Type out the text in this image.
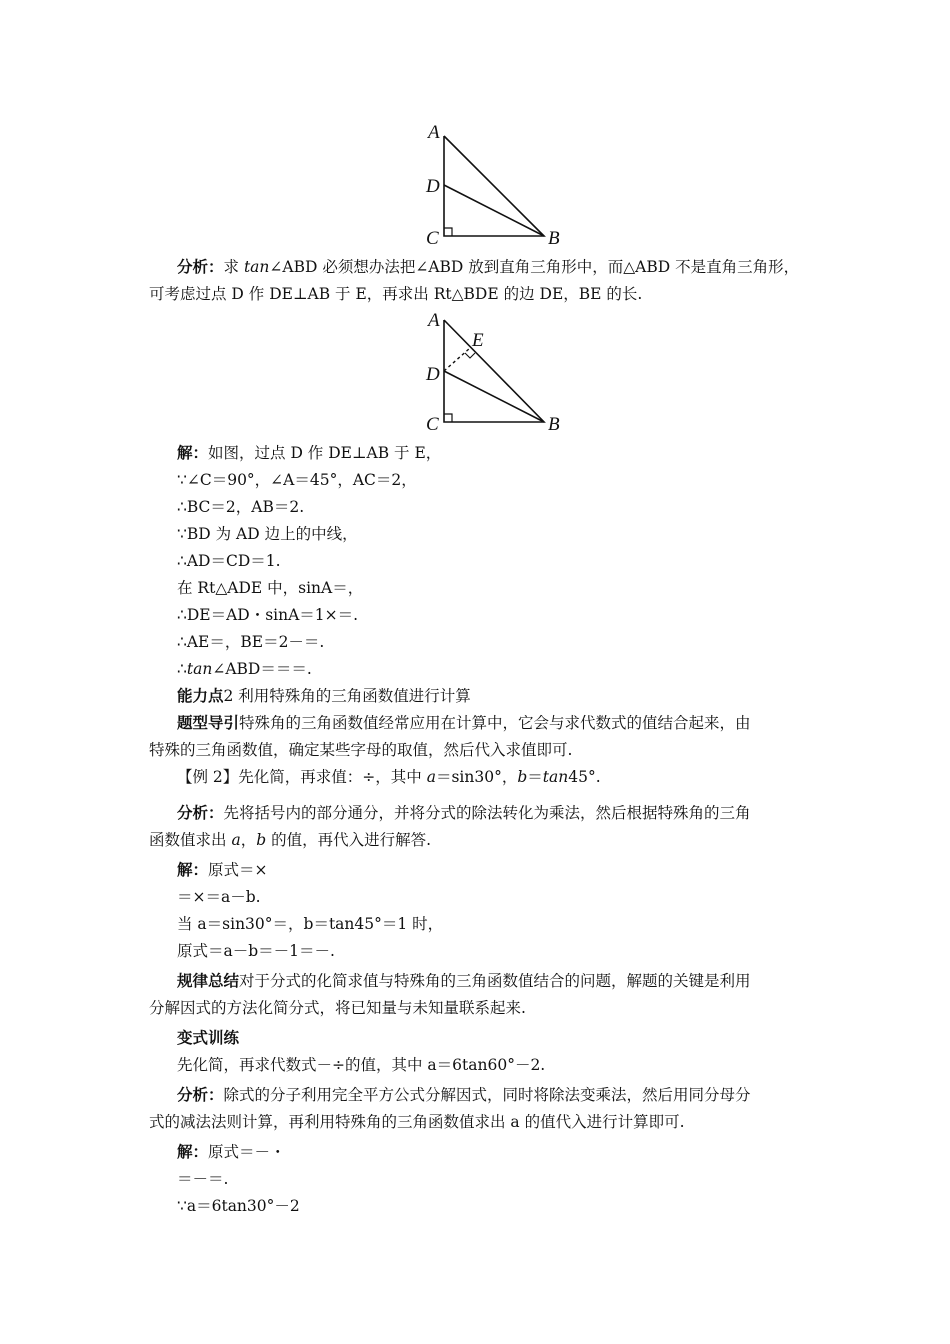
A
D
C	B
分析：求 tan∠ABD 必须想办法把∠ABD 放到直角三角形中，而△ABD 不是直角三角形，
可考虑过点 D 作 DE⊥AB 于 E，再求出 Rt△BDE 的边 DE，BE 的长.
A
E
D
C	B
解：如图，过点 D 作 DE⊥AB 于 E，
∵∠C＝90°，∠A＝45°，AC＝2，
∴BC＝2，AB＝2.
∵BD 为 AD 边上的中线，
∴AD＝CD＝1.
在 Rt△ADE 中，sinA＝，
∴DE＝AD・sinA＝1×＝.
∴AE＝，BE＝2－＝.
∴tan∠ABD＝＝＝.
能力点2 利用特殊角的三角函数值进行计算
题型导引特殊角的三角函数值经常应用在计算中，它会与求代数式的值结合起来，由
特殊的三角函数值，确定某些字母的取值，然后代入求值即可.
【例 2】先化简，再求值：÷，其中 a＝sin30°，b＝tan45°.
分析：先将括号内的部分通分，并将分式的除法转化为乘法，然后根据特殊角的三角
函数值求出 a，b 的值，再代入进行解答.
解：原式＝×
＝×＝a－b.
当 a＝sin30°＝，b＝tan45°＝1 时，
原式＝a－b＝－1＝－.
规律总结对于分式的化简求值与特殊角的三角函数值结合的问题，解题的关键是利用
分解因式的方法化简分式，将已知量与未知量联系起来.
变式训练
先化简，再求代数式－÷的值，其中 a＝6tan60°－2.
分析：除式的分子利用完全平方公式分解因式，同时将除法变乘法，然后用同分母分
式的减法法则计算，再利用特殊角的三角函数值求出 a 的值代入进行计算即可.
解：原式＝－・
＝－＝.
∵a＝6tan30°－2
